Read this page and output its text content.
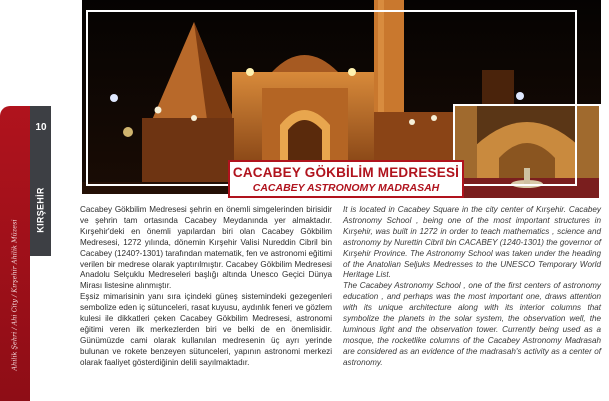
10
KIRŞEHİR
Ahilik Şehri / Ahi City / Kırşehir Ahilik Müzesi
CACABEY GÖKBİLİM MEDRESESİ
CACABEY ASTRONOMY MADRASAH

Cacabey Gökbilim Medresesi şehrin en önemli simgelerinden birisidir ve şehrin tam ortasında Cacabey Meydanında yer almaktadır. Kırşehir'deki en önemli yapılardan biri olan Cacabey Gökbilim Medresesi, 1272 yılında, dönemin Kırşehir Valisi Nureddin Cibril bin Cacabey (1240?-1301) tarafından matematik, fen ve astronomi eğitimi verilen bir medrese olarak yaptırılmıştır. Cacabey Gökbilim Medresesi Anadolu Selçuklu Medreseleri başlığı altında Unesco Geçici Dünya Mirası listesine alınmıştır.

Eşsiz mimarisinin yanı sıra içindeki güneş sistemindeki gezegenleri sembolize eden iç sütunceleri, rasat kuyusu, aydınlık feneri ve gözlem kulesi ile dikkatleri çeken Cacabey Gökbilim Medresesi, astronomi eğitimi veren ilk merkezlerden biri ve belki de en önemlisidir. Günümüzde cami olarak kullanılan medresenin üç ayrı yerinde bulunan ve rokete benzeyen sütunceleri, yapının astronomi merkezi olarak faaliyet gösterdiğinin delili sayılmaktadır.

It is located in Cacabey Square in the city center of Kırşehir. Cacabey Astronomy School , being one of the most important structures in Kırşehir, was built in 1272 in order to teach mathematics , science and astronomy by Nurettin Cibril bin CACABEY (1240-1301) the governor of Kırşehir Province. The Astronomy School was taken under the heading of the Anatolian Seljuks Medresses to the UNESCO Temporary World Heritage List.

The Cacabey Astronomy School , one of the first centers of astronomy education , and perhaps was the most important one, draws attention with its unique architecture along with its interior columns that symbolize the planets in the solar system, the observation well, the luminous light and the observation tower. Currently being used as a mosque, the rocketlike columns of the Cacabey Astronomy Madrasah are considered as an evidence of the madrasah's activity as a center of astronomy.
